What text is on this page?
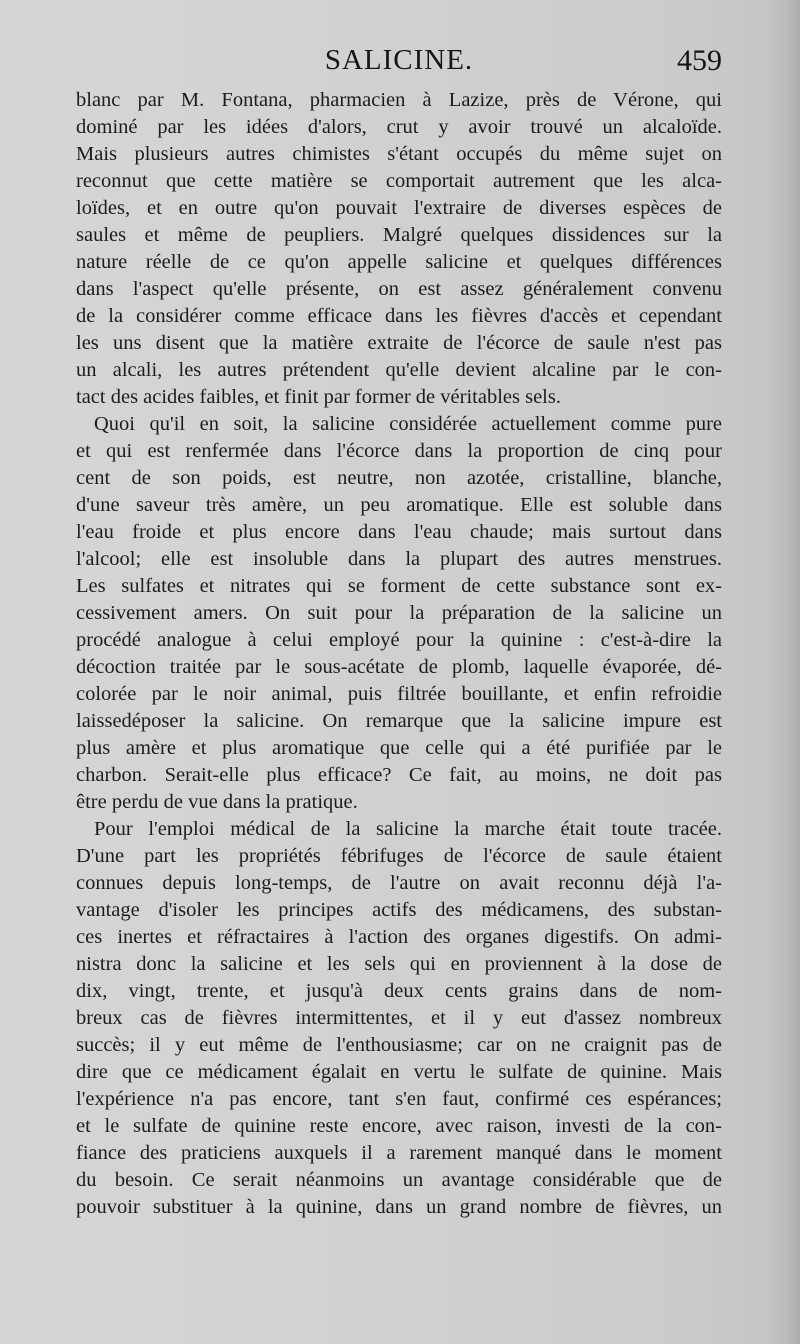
SALICINE.	459
blanc par M. Fontana, pharmacien à Lazize, près de Vérone, qui
dominé par les idées d'alors, crut y avoir trouvé un alcaloïde.
Mais plusieurs autres chimistes s'étant occupés du même sujet on
reconnut que cette matière se comportait autrement que les alca-
loïdes, et en outre qu'on pouvait l'extraire de diverses espèces de
saules et même de peupliers. Malgré quelques dissidences sur la
nature réelle de ce qu'on appelle salicine et quelques différences
dans l'aspect qu'elle présente, on est assez généralement convenu
de la considérer comme efficace dans les fièvres d'accès et cependant
les uns disent que la matière extraite de l'écorce de saule n'est pas
un alcali, les autres prétendent qu'elle devient alcaline par le con-
tact des acides faibles, et finit par former de véritables sels.
Quoi qu'il en soit, la salicine considérée actuellement comme pure
et qui est renfermée dans l'écorce dans la proportion de cinq pour
cent de son poids, est neutre, non azotée, cristalline, blanche,
d'une saveur très amère, un peu aromatique. Elle est soluble dans
l'eau froide et plus encore dans l'eau chaude; mais surtout dans
l'alcool; elle est insoluble dans la plupart des autres menstrues.
Les sulfates et nitrates qui se forment de cette substance sont ex-
cessivement amers. On suit pour la préparation de la salicine un
procédé analogue à celui employé pour la quinine : c'est-à-dire la
décoction traitée par le sous-acétate de plomb, laquelle évaporée, dé-
colorée par le noir animal, puis filtrée bouillante, et enfin refroidie
laissedéposer la salicine. On remarque que la salicine impure est
plus amère et plus aromatique que celle qui a été purifiée par le
charbon. Serait-elle plus efficace? Ce fait, au moins, ne doit pas
être perdu de vue dans la pratique.
Pour l'emploi médical de la salicine la marche était toute tracée.
D'une part les propriétés fébrifuges de l'écorce de saule étaient
connues depuis long-temps, de l'autre on avait reconnu déjà l'a-
vantage d'isoler les principes actifs des médicamens, des substan-
ces inertes et réfractaires à l'action des organes digestifs. On admi-
nistra donc la salicine et les sels qui en proviennent à la dose de
dix, vingt, trente, et jusqu'à deux cents grains dans de nom-
breux cas de fièvres intermittentes, et il y eut d'assez nombreux
succès; il y eut même de l'enthousiasme; car on ne craignit pas de
dire que ce médicament égalait en vertu le sulfate de quinine. Mais
l'expérience n'a pas encore, tant s'en faut, confirmé ces espérances;
et le sulfate de quinine reste encore, avec raison, investi de la con-
fiance des praticiens auxquels il a rarement manqué dans le moment
du besoin. Ce serait néanmoins un avantage considérable que de
pouvoir substituer à la quinine, dans un grand nombre de fièvres, un
